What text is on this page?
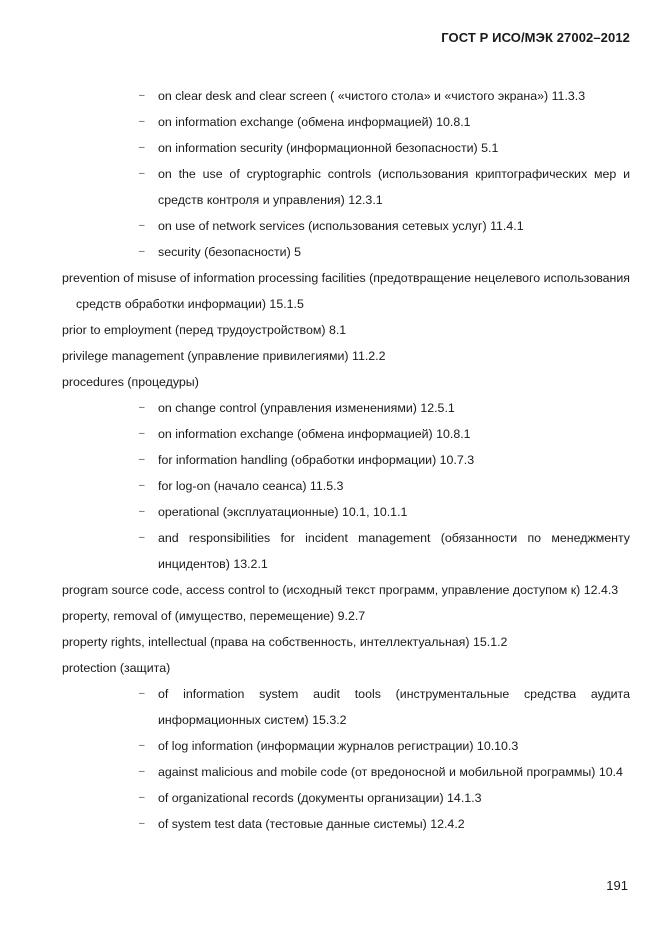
ГОСТ Р ИСО/МЭК 27002–2012
– on clear desk and clear screen ( «чистого стола» и «чистого экрана») 11.3.3
– on information exchange (обмена информацией) 10.8.1
– on information security (информационной безопасности) 5.1
– on the use of cryptographic controls (использования криптографических мер и средств контроля и управления) 12.3.1
– on use of network services (использования сетевых услуг) 11.4.1
– security (безопасности) 5
prevention of misuse of information processing facilities (предотвращение нецелевого использования средств обработки информации) 15.1.5
prior to employment (перед трудоустройством) 8.1
privilege management (управление привилегиями) 11.2.2
procedures (процедуры)
– on change control (управления изменениями) 12.5.1
– on information exchange (обмена информацией) 10.8.1
– for information handling (обработки информации) 10.7.3
– for log-on (начало сеанса) 11.5.3
– operational (эксплуатационные) 10.1, 10.1.1
– and responsibilities for incident management (обязанности по менеджменту инцидентов) 13.2.1
program source code, access control to (исходный текст программ, управление доступом к) 12.4.3
property, removal of (имущество, перемещение) 9.2.7
property rights, intellectual (права на собственность, интеллектуальная) 15.1.2
protection (защита)
– of information system audit tools (инструментальные средства аудита информационных систем) 15.3.2
– of log information (информации журналов регистрации) 10.10.3
– against malicious and mobile code (от вредоносной и мобильной программы) 10.4
– of organizational records (документы организации) 14.1.3
– of system test data (тестовые данные системы) 12.4.2
191
